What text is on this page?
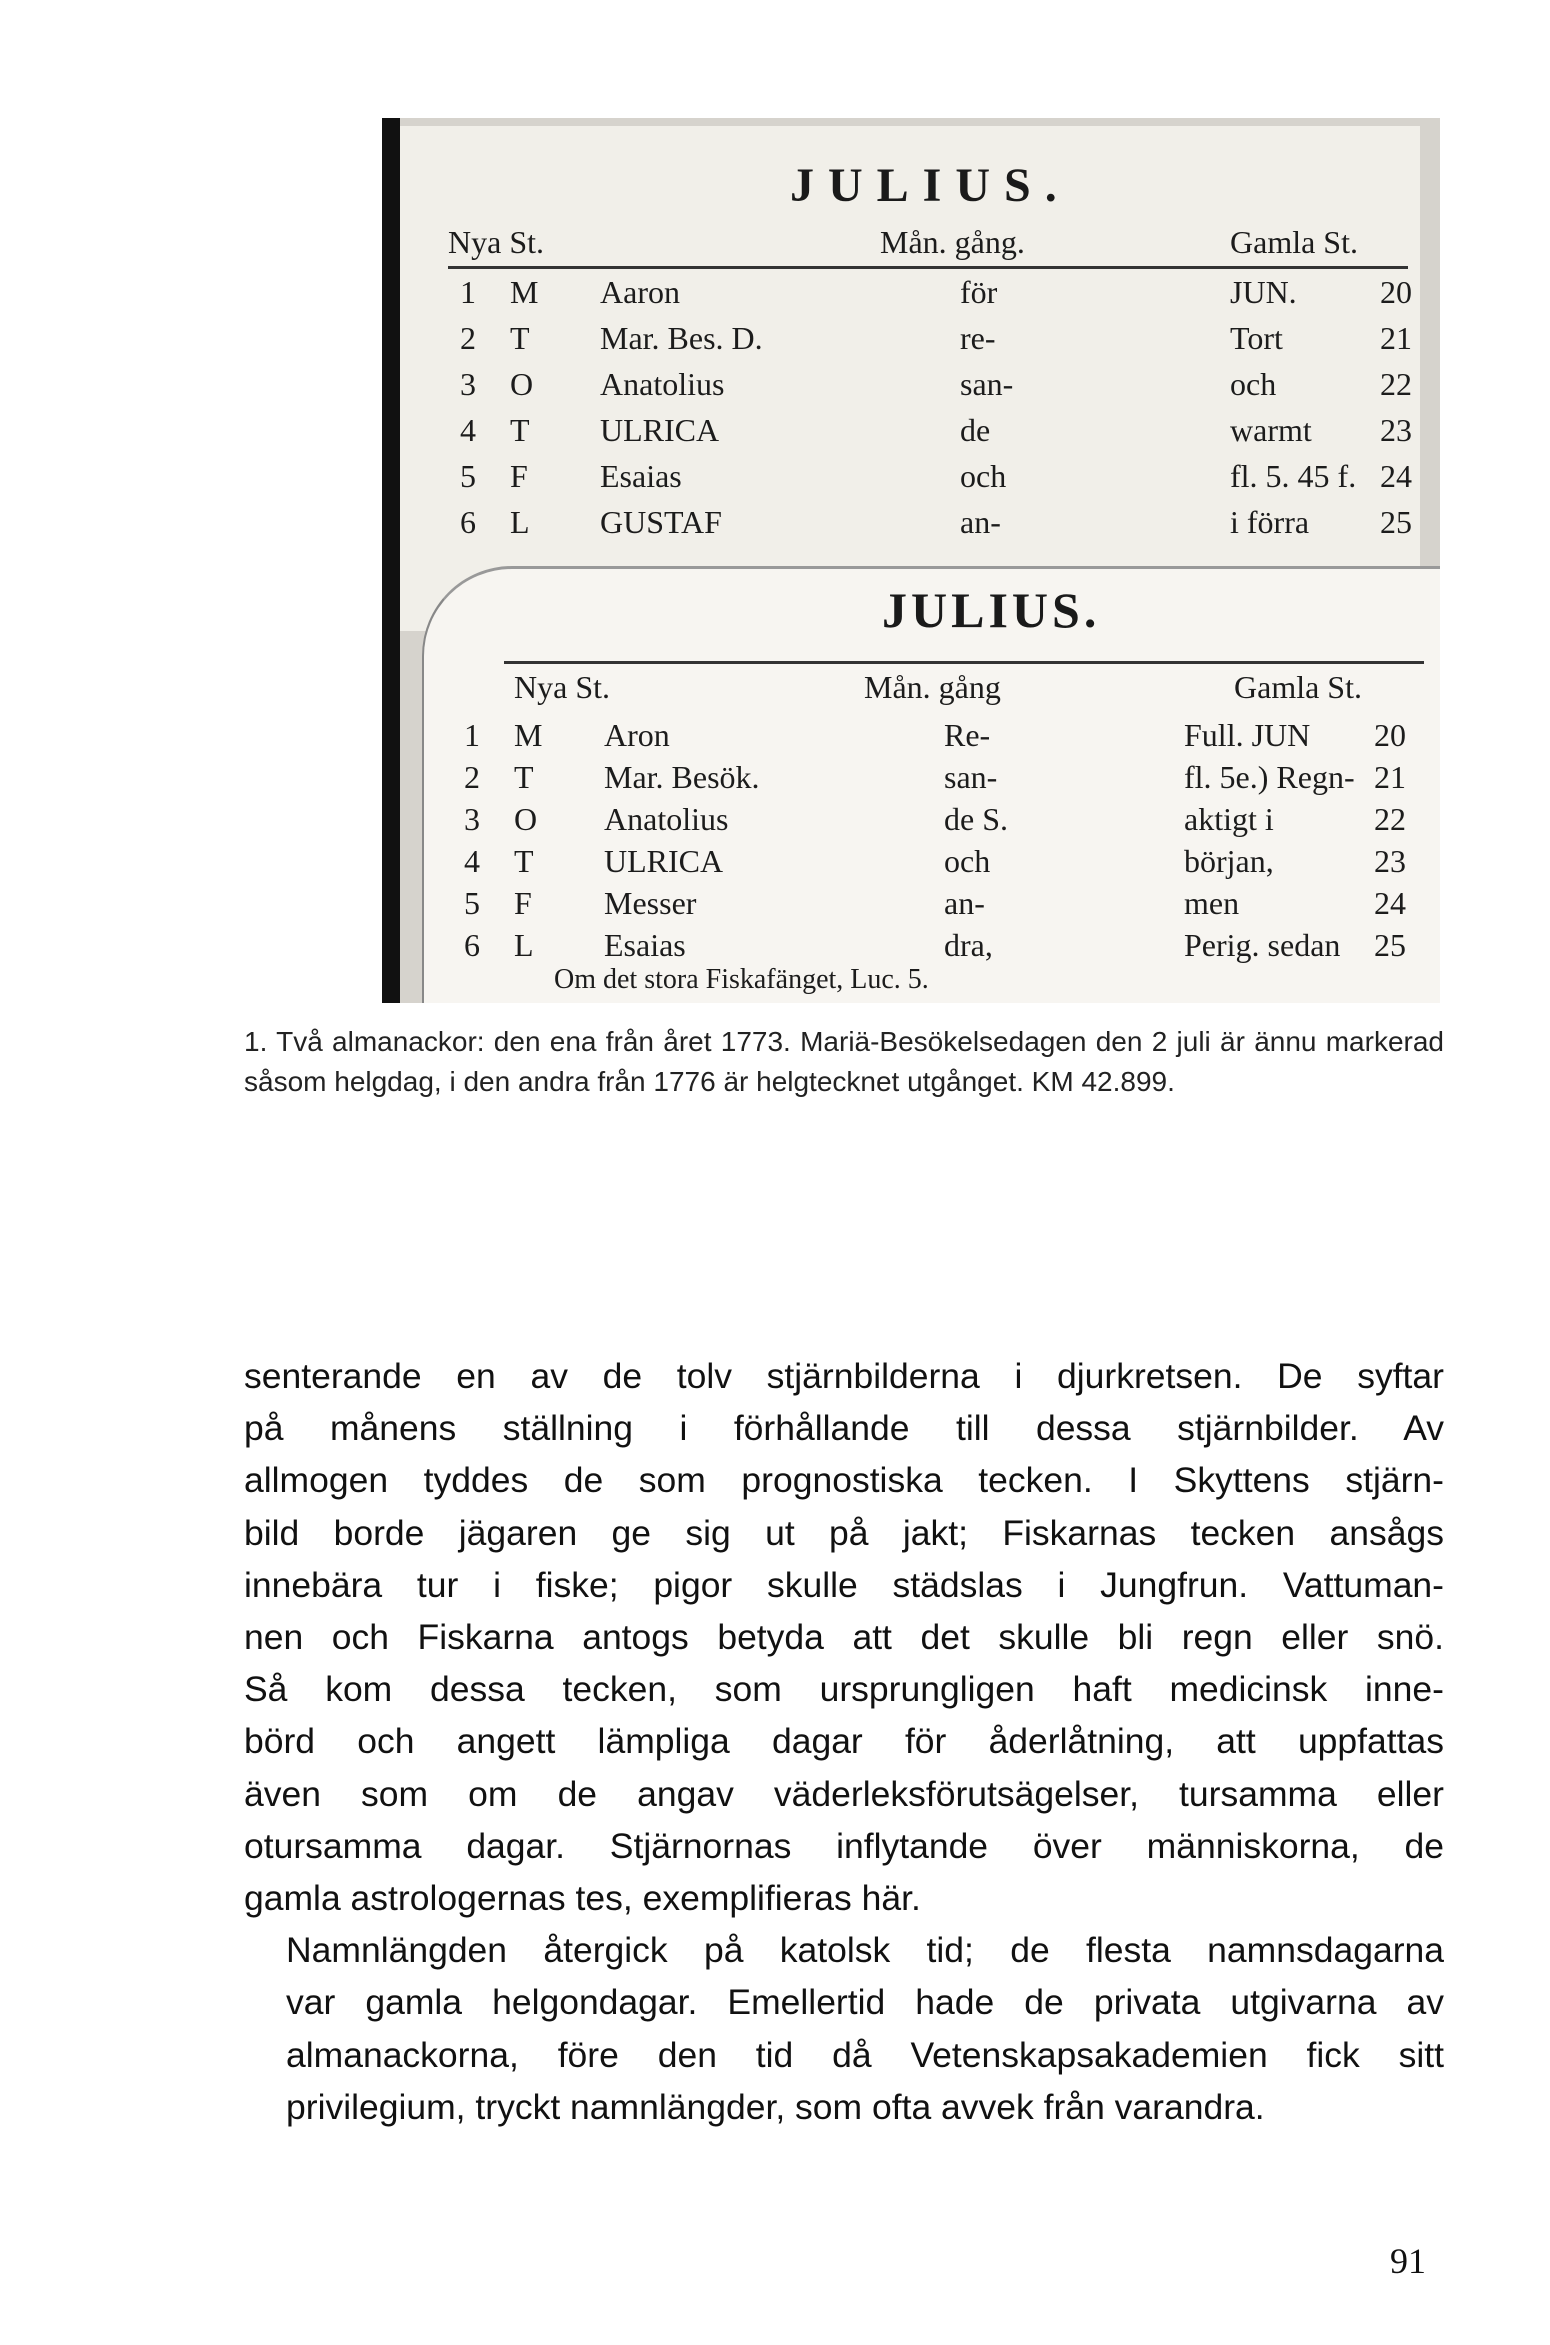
JULIUS.
Nya St.	Mån. gång.	Gamla St.
1 M Aaron	för	JUN.	20
2 T Mar. Bes. D.	re-	Tort	21
3 O Anatolius	san-	och	22
4 T ULRICA	de	warmt 23
5 F Esaias	och	fl. 5. 45 f. 24
6 L GUSTAF	an-	i förra 25
JULIUS.
Nya St.	Mån. gång	Gamla St.
1 M Aron	Re-	Full. JUN 20
2 T Mar. Besök.	san-	fl. 5e.) Regn- 21
3 O Anatolius	de S.	aktigt i	22
4 T ULRICA	och	början,	23
5 F Messer	an-	men	24
6 L Esaias	dra,	Perig. sedan 25
Om det stora Fiskafänget, Luc. 5.
1. Två almanackor: den ena från året 1773. Mariä-Besökelsedagen den 2 juli är ännu markerad såsom helgdag, i den andra från 1776 är helgtecknet utgånget. KM 42.899.

senterande en av de tolv stjärnbilderna i djurkretsen. De syftar
på månens ställning i förhållande till dessa stjärnbilder. Av
allmogen tyddes de som prognostiska tecken. I Skyttens stjärn-
bild borde jägaren ge sig ut på jakt; Fiskarnas tecken ansågs
innebära tur i fiske; pigor skulle städslas i Jungfrun. Vattuman-
nen och Fiskarna antogs betyda att det skulle bli regn eller snö.
Så kom dessa tecken, som ursprungligen haft medicinsk inne-
börd och angett lämpliga dagar för åderlåtning, att uppfattas
även som om de angav väderleksförutsägelser, tursamma eller
otursamma dagar. Stjärnornas inflytande över människorna, de
gamla astrologernas tes, exemplifieras här.

Namnlängden återgick på katolsk tid; de flesta namnsdagarna
var gamla helgondagar. Emellertid hade de privata utgivarna av
almanackorna, före den tid då Vetenskapsakademien fick sitt
privilegium, tryckt namnlängder, som ofta avvek från varandra.

91
